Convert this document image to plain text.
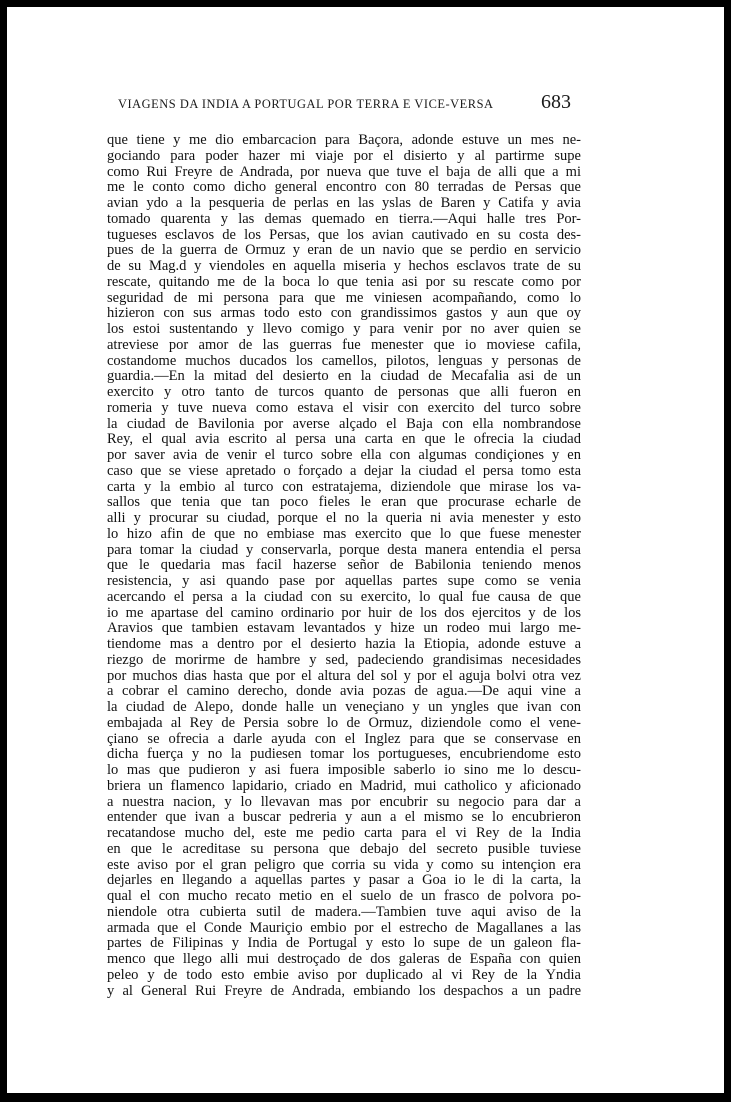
VIAGENS DA INDIA A PORTUGAL POR TERRA E VICE-VERSA 683
que tiene y me dio embarcacion para Baçora, adonde estuve un mes ne-
gociando para poder hazer mi viaje por el disierto y al partirme supe
como Rui Freyre de Andrada, por nueva que tuve el baja de alli que a mi
me le conto como dicho general encontro con 80 terradas de Persas que
avian ydo a la pesqueria de perlas en las yslas de Baren y Catifa y avia
tomado quarenta y las demas quemado en tierra.—Aqui halle tres Por-
tugueses esclavos de los Persas, que los avian cautivado en su costa des-
pues de la guerra de Ormuz y eran de un navio que se perdio en servicio
de su Mag.d y viendoles en aquella miseria y hechos esclavos trate de su
rescate, quitando me de la boca lo que tenia asi por su rescate como por
seguridad de mi persona para que me viniesen acompañando, como lo
hizieron con sus armas todo esto con grandissimos gastos y aun que oy
los estoi sustentando y llevo comigo y para venir por no aver quien se
atreviese por amor de las guerras fue menester que io moviese cafila,
costandome muchos ducados los camellos, pilotos, lenguas y personas de
guardia.—En la mitad del desierto en la ciudad de Mecafalia asi de un
exercito y otro tanto de turcos quanto de personas que alli fueron en
romeria y tuve nueva como estava el visir con exercito del turco sobre
la ciudad de Bavilonia por averse alçado el Baja con ella nombrandose
Rey, el qual avia escrito al persa una carta en que le ofrecia la ciudad
por saver avia de venir el turco sobre ella con algumas condiçiones y en
caso que se viese apretado o forçado a dejar la ciudad el persa tomo esta
carta y la embio al turco con estratajema, diziendole que mirase los va-
sallos que tenia que tan poco fieles le eran que procurase echarle de
alli y procurar su ciudad, porque el no la queria ni avia menester y esto
lo hizo afin de que no embiase mas exercito que lo que fuese menester
para tomar la ciudad y conservarla, porque desta manera entendia el persa
que le quedaria mas facil hazerse señor de Babilonia teniendo menos
resistencia, y asi quando pase por aquellas partes supe como se venia
acercando el persa a la ciudad con su exercito, lo qual fue causa de que
io me apartase del camino ordinario por huir de los dos ejercitos y de los
Aravios que tambien estavam levantados y hize un rodeo mui largo me-
tiendome mas a dentro por el desierto hazia la Etiopia, adonde estuve a
riezgo de morirme de hambre y sed, padeciendo grandisimas necesidades
por muchos dias hasta que por el altura del sol y por el aguja bolvi otra vez
a cobrar el camino derecho, donde avia pozas de agua.—De aqui vine a
la ciudad de Alepo, donde halle un veneçiano y un yngles que ivan con
embajada al Rey de Persia sobre lo de Ormuz, diziendole como el vene-
çiano se ofrecia a darle ayuda con el Inglez para que se conservase en
dicha fuerça y no la pudiesen tomar los portugueses, encubriendome esto
lo mas que pudieron y asi fuera imposible saberlo io sino me lo descu-
briera un flamenco lapidario, criado en Madrid, mui catholico y aficionado
a nuestra nacion, y lo llevavan mas por encubrir su negocio para dar a
entender que ivan a buscar pedreria y aun a el mismo se lo encubrieron
recatandose mucho del, este me pedio carta para el vi Rey de la India
en que le acreditase su persona que debajo del secreto pusible tuviese
este aviso por el gran peligro que corria su vida y como su intençion era
dejarles en llegando a aquellas partes y pasar a Goa io le di la carta, la
qual el con mucho recato metio en el suelo de un frasco de polvora po-
niendole otra cubierta sutil de madera.—Tambien tuve aqui aviso de la
armada que el Conde Mauriçio embio por el estrecho de Magallanes a las
partes de Filipinas y India de Portugal y esto lo supe de un galeon fla-
menco que llego alli mui destroçado de dos galeras de España con quien
peleo y de todo esto embie aviso por duplicado al vi Rey de la Yndia
y al General Rui Freyre de Andrada, embiando los despachos a un padre
